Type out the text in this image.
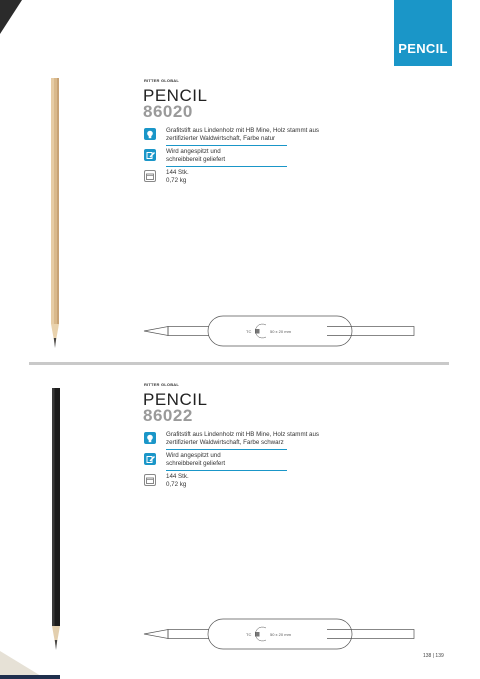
PENCIL
RITTER GLOBAL
PENCIL
86020
Grafitstift aus Lindenholz mit HB Mine, Holz stammt aus
zertifizierter Waldwirtschaft, Farbe natur
Wird angespitzt und
schreibbereit geliefert
144 Stk.
0,72 kg
TC	50 x 20 mm
RITTER GLOBAL
PENCIL
86022
Grafitstift aus Lindenholz mit HB Mine, Holz stammt aus
zertifizierter Waldwirtschaft, Farbe schwarz
Wird angespitzt und
schreibbereit geliefert
144 Stk.
0,72 kg
TC	50 x 20 mm
138 | 139
